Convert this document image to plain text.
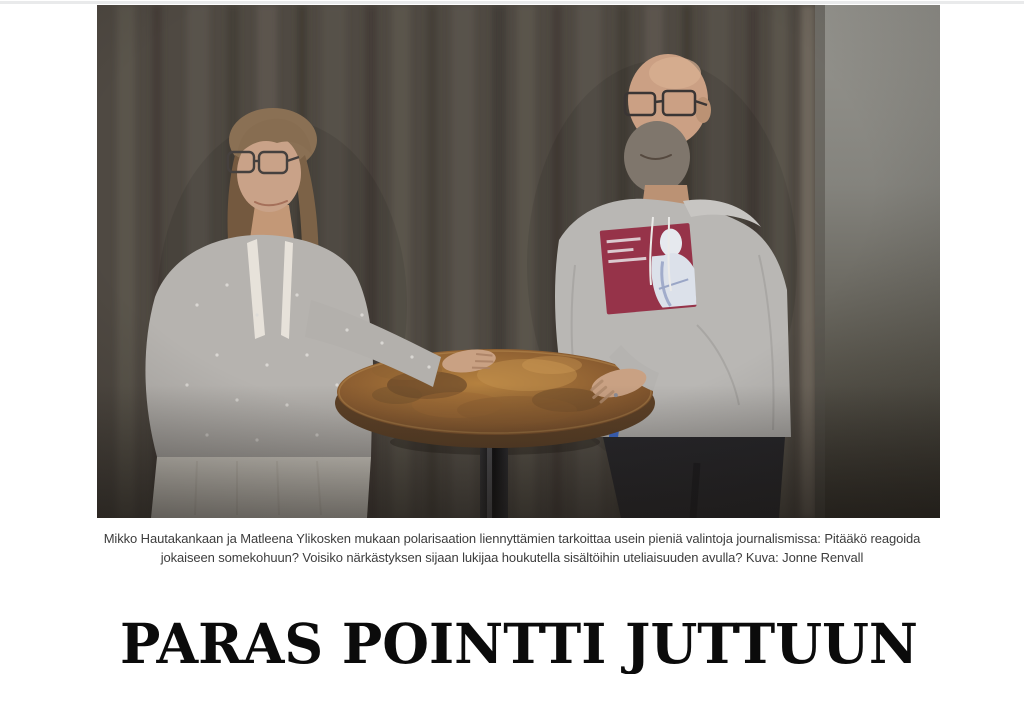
Mikko Hautakankaan ja Matleena Ylikosken mukaan polarisaation liennyttämien tarkoittaa usein pieniä valintoja journalismissa: Pitääkö reagoida
jokaiseen somekohuun? Voisiko närkästyksen sijaan lukijaa houkutella sisältöihin uteliaisuuden avulla? Kuva: Jonne Renvall
PARAS POINTTI JUTTUUN
